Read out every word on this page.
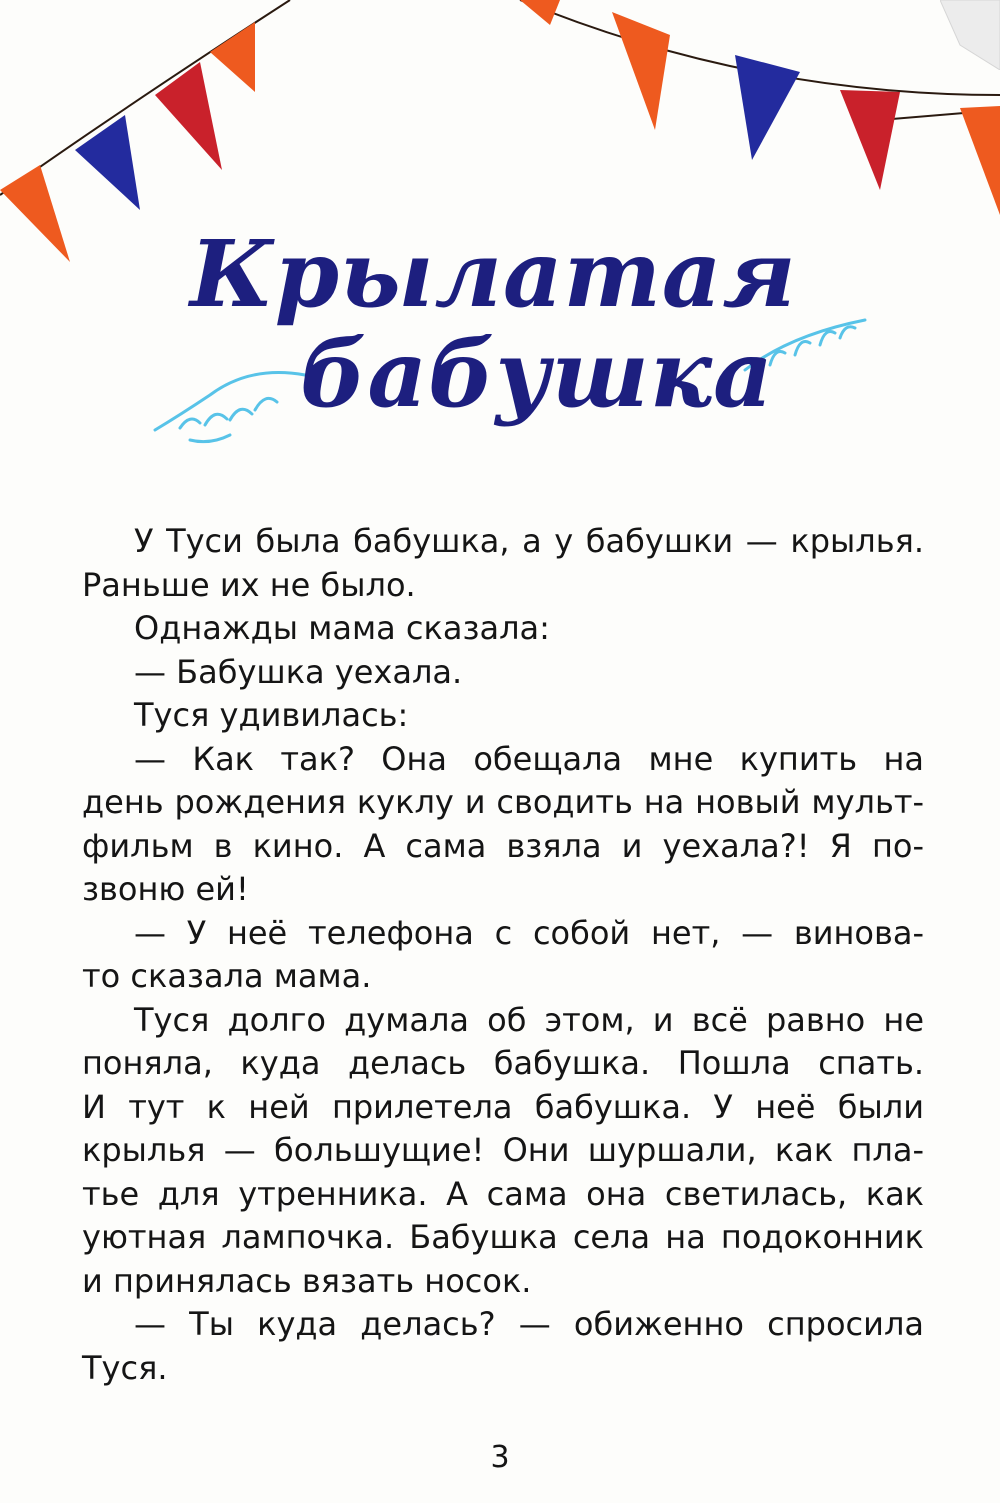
Крылатая
бабушка
У Туси была бабушка, а у бабушки — крылья.
Раньше их не было.
Однажды мама сказала:
— Бабушка уехала.
Туся удивилась:
— Как так? Она обещала мне купить на
день рождения куклу и сводить на новый мульт-
фильм в кино. А сама взяла и уехала?! Я по-
звоню ей!
— У неё телефона с собой нет, — винова-
то сказала мама.
Туся долго думала об этом, и всё равно не
поняла, куда делась бабушка. Пошла спать.
И тут к ней прилетела бабушка. У неё были
крылья — большущие! Они шуршали, как пла-
тье для утренника. А сама она светилась, как
уютная лампочка. Бабушка села на подоконник
и принялась вязать носок.
— Ты куда делась? — обиженно спросила
Туся.
3
